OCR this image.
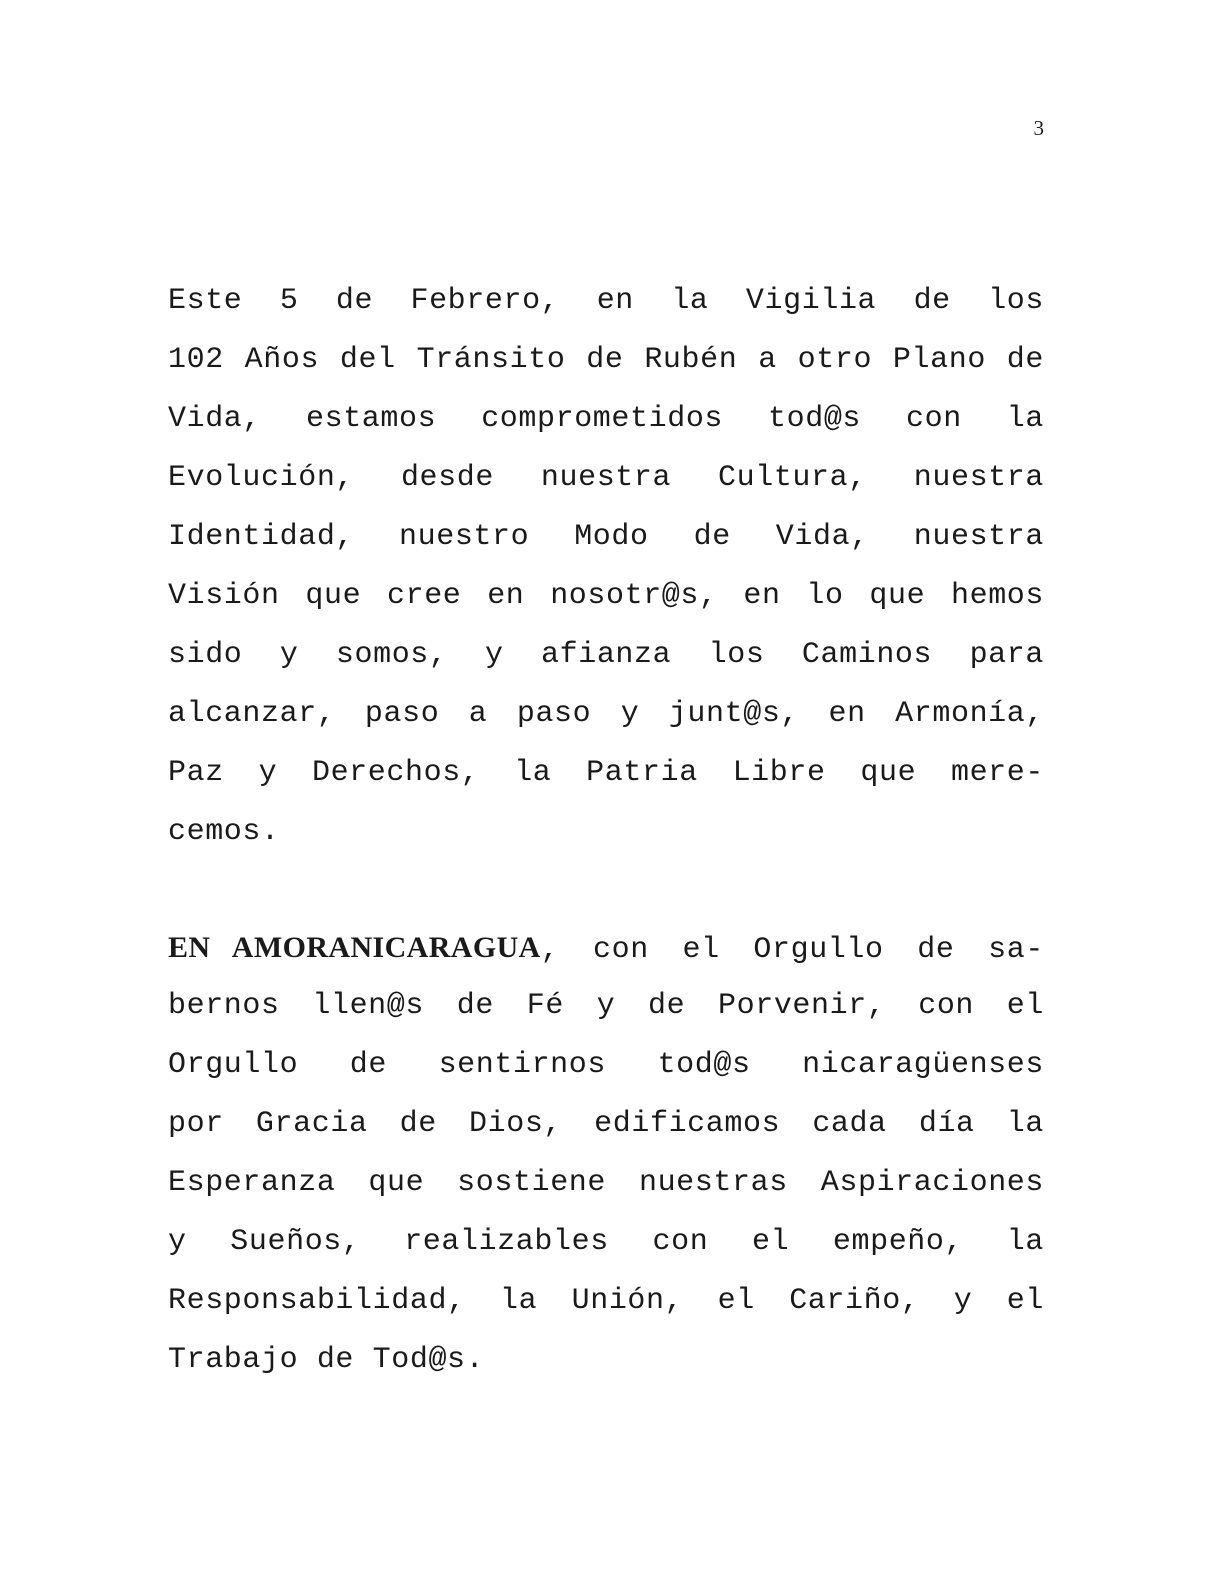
3
Este 5 de Febrero, en la Vigilia de los
102 Años del Tránsito de Rubén a otro Plano de
Vida, estamos comprometidos tod@s con la
Evolución, desde nuestra Cultura, nuestra
Identidad, nuestro Modo de Vida, nuestra
Visión que cree en nosotr@s, en lo que hemos
sido y somos, y afianza los Caminos para
alcanzar, paso a paso y junt@s, en Armonía,
Paz y Derechos, la Patria Libre que mere-
cemos.
EN AMORANICARAGUA, con el Orgullo de sa-
bernos llen@s de Fé y de Porvenir, con el
Orgullo de sentirnos tod@s nicaragüenses
por Gracia de Dios, edificamos cada día la
Esperanza que sostiene nuestras Aspiraciones
y Sueños, realizables con el empeño, la
Responsabilidad, la Unión, el Cariño, y el
Trabajo de Tod@s.
